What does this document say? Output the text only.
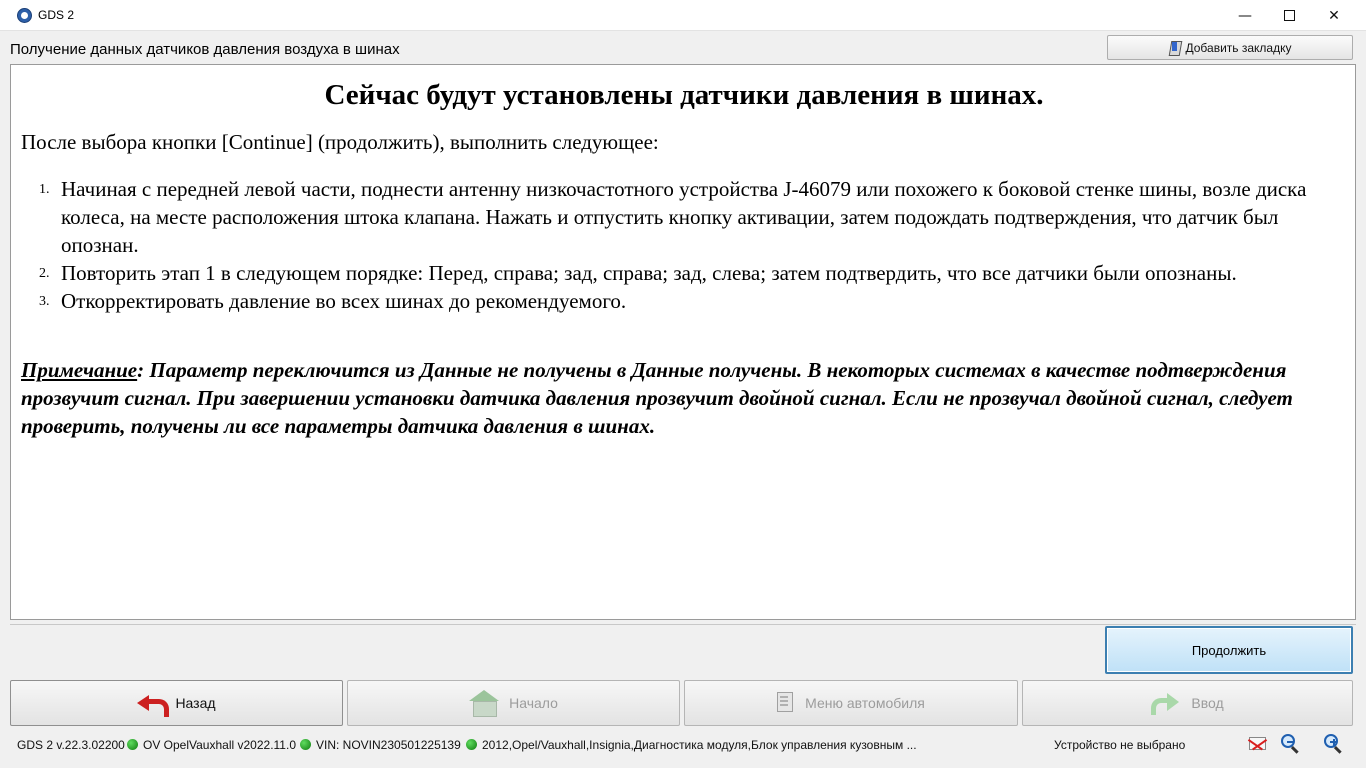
GDS 2	—	✕
Получение данных датчиков давления воздуха в шинах	Добавить закладку
Сейчас будут установлены датчики давления в шинах.
После выбора кнопки [Continue] (продолжить), выполнить следующее:
1. Начиная с передней левой части, поднести антенну низкочастотного устройства J-46079 или похожего к боковой стенке шины, возле диска колеса, на месте расположения штока клапана. Нажать и отпустить кнопку активации, затем подождать подтверждения, что датчик был опознан.
2. Повторить этап 1 в следующем порядке: Перед, справа; зад, справа; зад, слева; затем подтвердить, что все датчики были опознаны.
3. Откорректировать давление во всех шинах до рекомендуемого.
Примечание: Параметр переключится из Данные не получены в Данные получены. В некоторых системах в качестве подтверждения прозвучит сигнал. При завершении установки датчика давления прозвучит двойной сигнал. Если не прозвучал двойной сигнал, следует проверить, получены ли все параметры датчика давления в шинах.
Продолжить
Назад	Начало	Меню автомобиля	Ввод
GDS 2 v.22.3.02200	OV OpelVauxhall v2022.11.0	VIN: NOVIN230501225139	2012,Opel/Vauxhall,Insignia,Диагностика модуля,Блок управления кузовным ...	Устройство не выбрано
